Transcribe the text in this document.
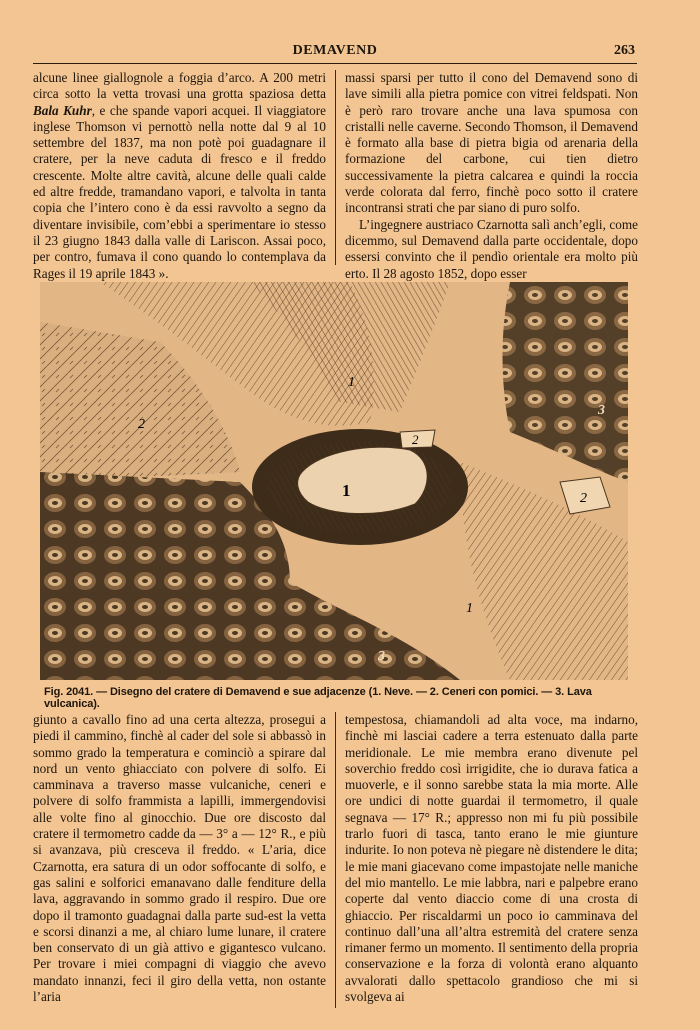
DEMAVEND	263

alcune linee giallognole a foggia d’arco. A 200 metri circa sotto la vetta trovasi una grotta spaziosa detta Bala Kuhr, e che spande vapori acquei. Il viaggiatore inglese Thomson vi pernottò nella notte dal 9 al 10 settembre del 1837, ma non potè poi guadagnare il cratere, per la neve caduta di fresco e il freddo crescente. Molte altre cavità, alcune delle quali calde ed altre fredde, tramandano vapori, e talvolta in tanta copia che l’intero cono è da essi ravvolto a segno da diventare invisibile, com’ebbi a sperimentare io stesso il 23 giugno 1843 dalla valle di Lariscon. Assai poco, per contro, fumava il cono quando lo contemplava da Rages il 19 aprile 1843 ».

massi sparsi per tutto il cono del Demavend sono di lave simili alla pietra pomice con vitrei feldspati. Non è però raro trovare anche una lava spumosa con cristalli nelle caverne. Secondo Thomson, il Demavend è formato alla base di pietra bigia od arenaria della formazione del carbone, cui tien dietro successivamente la pietra calcarea e quindi la roccia verde colorata dal ferro, finchè poco sotto il cratere incontransi strati che par siano di puro solfo.

L’ingegnere austriaco Czarnotta salì anch’egli, come dicemmo, sul Demavend dalla parte occidentale, dopo essersi convinto che il pendìo orientale era molto più erto. Il 28 agosto 1852, dopo esser

1
1
1
2
2
2
3
3
Fig. 2041. — Disegno del cratere di Demavend e sue adjacenze (1. Neve. — 2. Ceneri con pomici. — 3. Lava vulcanica).

giunto a cavallo fino ad una certa altezza, prosegui a piedi il cammino, finchè al cader del sole si abbassò in sommo grado la temperatura e cominciò a spirare dal nord un vento ghiacciato con polvere di solfo. Ei camminava a traverso masse vulcaniche, ceneri e polvere di solfo frammista a lapilli, immergendovisi alle volte fino al ginocchio. Due ore discosto dal cratere il termometro cadde da — 3° a — 12° R., e più si avanzava, più cresceva il freddo. « L’aria, dice Czarnotta, era satura di un odor soffocante di solfo, e gas salini e solforici emanavano dalle fenditure della lava, aggravando in sommo grado il respiro. Due ore dopo il tramonto guadagnai dalla parte sud-est la vetta e scorsi dinanzi a me, al chiaro lume lunare, il cratere ben conservato di un già attivo e gigantesco vulcano. Per trovare i miei compagni di viaggio che avevo mandato innanzi, feci il giro della vetta, non ostante l’aria

tempestosa, chiamandoli ad alta voce, ma indarno, finchè mi lasciai cadere a terra estenuato dalla parte meridionale. Le mie membra erano divenute pel soverchio freddo così irrigidite, che io durava fatica a muoverle, e il sonno sarebbe stata la mia morte. Alle ore undici di notte guardai il termometro, il quale segnava — 17° R.; appresso non mi fu più possibile trarlo fuori di tasca, tanto erano le mie giunture indurite. Io non poteva nè piegare nè distendere le dita; le mie mani giacevano come impastojate nelle maniche del mio mantello. Le mie labbra, nari e palpebre erano coperte dal vento diaccio come di una crosta di ghiaccio. Per riscaldarmi un poco io camminava del continuo dall’una all’altra estremità del cratere senza rimaner fermo un momento. Il sentimento della propria conservazione e la forza di volontà erano alquanto avvalorati dallo spettacolo grandioso che mi si svolgeva ai
